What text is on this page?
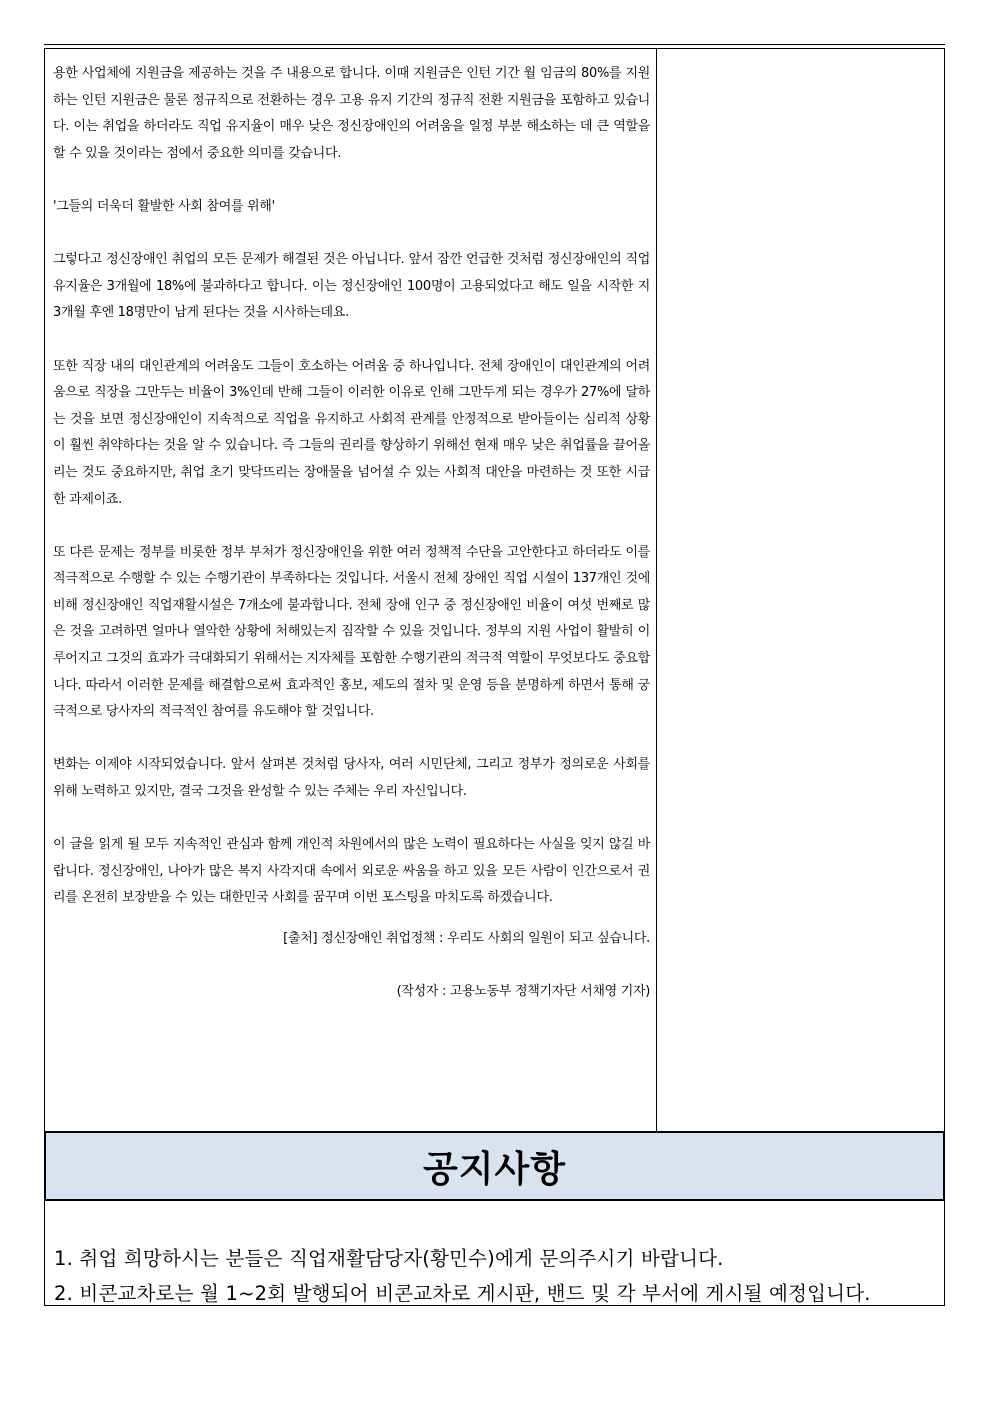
용한 사업체에 지원금을 제공하는 것을 주 내용으로 합니다. 이때 지원금은 인턴 기간 월 임금의 80%를 지원하는 인턴 지원금은 물론 정규직으로 전환하는 경우 고용 유지 기간의 정규직 전환 지원금을 포함하고 있습니다. 이는 취업을 하더라도 직업 유지율이 매우 낮은 정신장애인의 어려움을 일정 부분 해소하는 데 큰 역할을 할 수 있을 것이라는 점에서 중요한 의미를 갖습니다.

'그들의 더욱더 활발한 사회 참여를 위해'

그렇다고 정신장애인 취업의 모든 문제가 해결된 것은 아닙니다. 앞서 잠깐 언급한 것처럼 정신장애인의 직업 유지율은 3개월에 18%에 불과하다고 합니다. 이는 정신장애인 100명이 고용되었다고 해도 일을 시작한 지 3개월 후엔 18명만이 남게 된다는 것을 시사하는데요.

또한 직장 내의 대인관계의 어려움도 그들이 호소하는 어려움 중 하나입니다. 전체 장애인이 대인관계의 어려움으로 직장을 그만두는 비율이 3%인데 반해 그들이 이러한 이유로 인해 그만두게 되는 경우가 27%에 달하는 것을 보면 정신장애인이 지속적으로 직업을 유지하고 사회적 관계를 안정적으로 받아들이는 심리적 상황이 훨씬 취약하다는 것을 알 수 있습니다. 즉 그들의 권리를 향상하기 위해선 현재 매우 낮은 취업률을 끌어올리는 것도 중요하지만, 취업 초기 맞닥뜨리는 장애물을 넘어설 수 있는 사회적 대안을 마련하는 것 또한 시급한 과제이죠.

또 다른 문제는 정부를 비롯한 정부 부처가 정신장애인을 위한 여러 정책적 수단을 고안한다고 하더라도 이를 적극적으로 수행할 수 있는 수행기관이 부족하다는 것입니다. 서울시 전체 장애인 직업 시설이 137개인 것에 비해 정신장애인 직업재활시설은 7개소에 불과합니다. 전체 장애 인구 중 정신장애인 비율이 여섯 번째로 많은 것을 고려하면 얼마나 열악한 상황에 처해있는지 짐작할 수 있을 것입니다. 정부의 지원 사업이 활발히 이루어지고 그것의 효과가 극대화되기 위해서는 지자체를 포함한 수행기관의 적극적 역할이 무엇보다도 중요합니다. 따라서 이러한 문제를 해결함으로써 효과적인 홍보, 제도의 절차 및 운영 등을 분명하게 하면서 통해 궁극적으로 당사자의 적극적인 참여를 유도해야 할 것입니다.

변화는 이제야 시작되었습니다. 앞서 살펴본 것처럼 당사자, 여러 시민단체, 그리고 정부가 정의로운 사회를 위해 노력하고 있지만, 결국 그것을 완성할 수 있는 주체는 우리 자신입니다.

이 글을 읽게 될 모두 지속적인 관심과 함께 개인적 차원에서의 많은 노력이 필요하다는 사실을 잊지 않길 바랍니다. 정신장애인, 나아가 많은 복지 사각지대 속에서 외로운 싸움을 하고 있을 모든 사람이 인간으로서 권리를 온전히 보장받을 수 있는 대한민국 사회를 꿈꾸며 이번 포스팅을 마치도록 하겠습니다.

[출처] 정신장애인 취업정책 : 우리도 사회의 일원이 되고 싶습니다.

(작성자 : 고용노동부 정책기자단 서채영 기자)

공지사항
1. 취업 희망하시는 분들은 직업재활담당자(황민수)에게 문의주시기 바랍니다.
2. 비콘교차로는 월 1~2회 발행되어 비콘교차로 게시판, 밴드 및 각 부서에 게시될 예정입니다.
